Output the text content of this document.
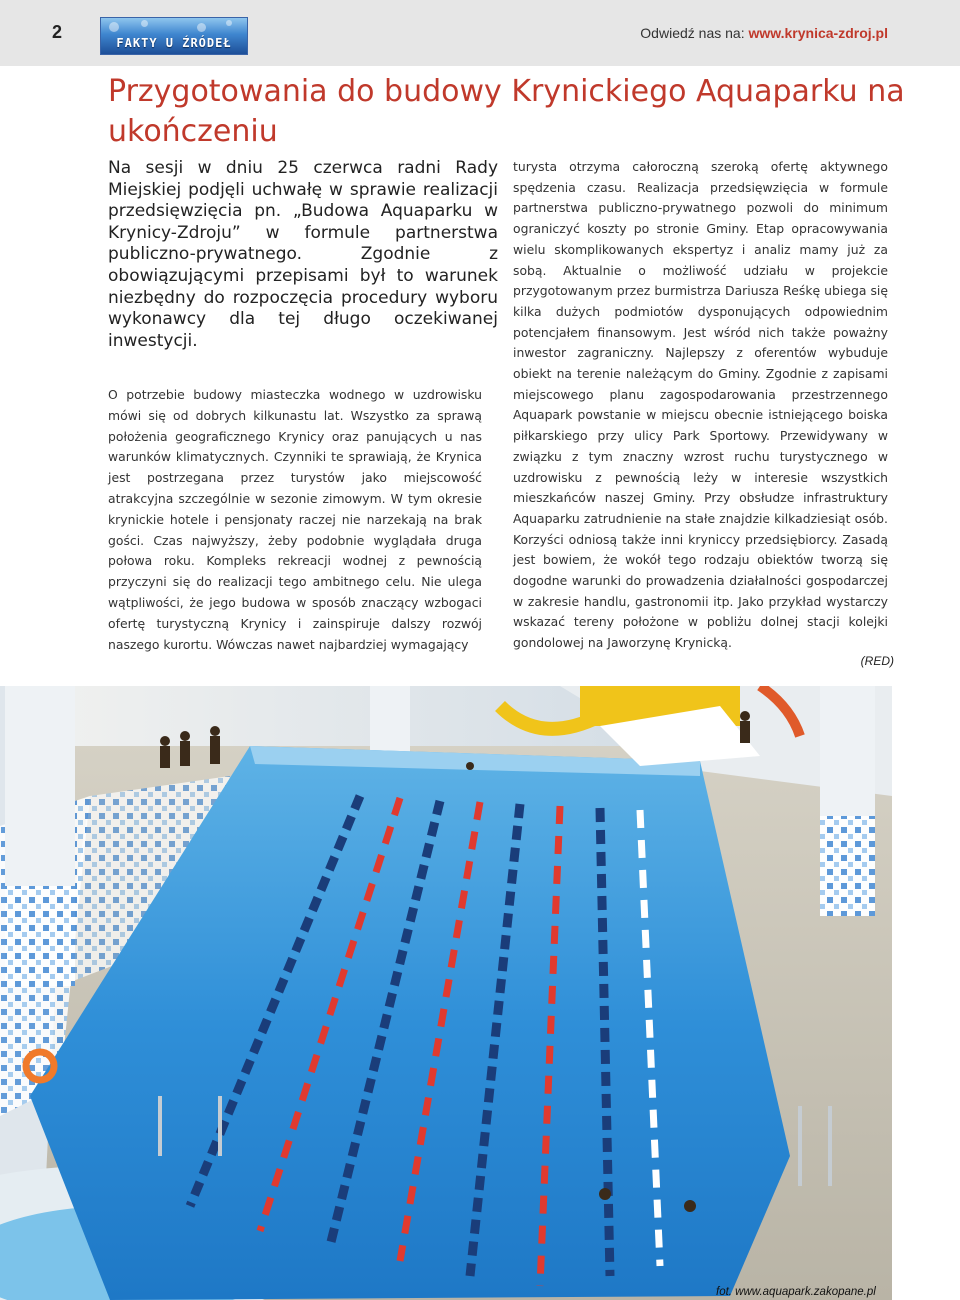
2
FAKTY U ŹRÓDEŁ
Odwiedź nas na: www.krynica-zdroj.pl
Przygotowania do budowy Krynickiego Aquaparku na ukończeniu

Na sesji w dniu 25 czerwca radni Rady Miejskiej podjęli uchwałę w sprawie realizacji przedsięwzięcia pn. „Budowa Aquaparku w Krynicy-Zdroju” w formule partnerstwa publiczno-prywatnego. Zgodnie z obowiązującymi przepisami był to warunek niezbędny do rozpoczęcia procedury wyboru wykonawcy dla tej długo oczekiwanej inwestycji.

O potrzebie budowy miasteczka wodnego w uzdrowisku mówi się od dobrych kilkunastu lat. Wszystko za sprawą położenia geograficznego Krynicy oraz panujących u nas warunków klimatycznych. Czynniki te sprawiają, że Krynica jest postrzegana przez turystów jako miejscowość atrakcyjna szczególnie w sezonie zimowym. W tym okresie krynickie hotele i pensjonaty raczej nie narzekają na brak gości. Czas najwyższy, żeby podobnie wyglądała druga połowa roku. Kompleks rekreacji wodnej z pewnością przyczyni się do realizacji tego ambitnego celu. Nie ulega wątpliwości, że jego budowa w sposób znaczący wzbogaci ofertę turystyczną Krynicy i zainspiruje dalszy rozwój naszego kurortu. Wówczas nawet najbardziej wymagający

turysta otrzyma całoroczną szeroką ofertę aktywnego spędzenia czasu. Realizacja przedsięwzięcia w formule partnerstwa publiczno-prywatnego pozwoli do minimum ograniczyć koszty po stronie Gminy. Etap opracowywania wielu skomplikowanych ekspertyz i analiz mamy już za sobą. Aktualnie o możliwość udziału w projekcie przygotowanym przez burmistrza Dariusza Reśkę ubiega się kilka dużych podmiotów dysponujących odpowiednim potencjałem finansowym. Jest wśród nich także poważny inwestor zagraniczny. Najlepszy z oferentów wybuduje obiekt na terenie należącym do Gminy. Zgodnie z zapisami miejscowego planu zagospodarowania przestrzennego Aquapark powstanie w miejscu obecnie istniejącego boiska piłkarskiego przy ulicy Park Sportowy. Przewidywany w związku z tym znaczny wzrost ruchu turystycznego w uzdrowisku z pewnością leży w interesie wszystkich mieszkańców naszej Gminy. Przy obsłudze infrastruktury Aquaparku zatrudnienie na stałe znajdzie kilkadziesiąt osób. Korzyści odniosą także inni kryniccy przedsiębiorcy. Zasadą jest bowiem, że wokół tego rodzaju obiektów tworzą się dogodne warunki do prowadzenia działalności gospodarczej w zakresie handlu, gastronomii itp. Jako przykład wystarczy wskazać tereny położone w pobliżu dolnej stacji kolejki gondolowej na Jaworzynę Krynicką.

(RED)
fot. www.aquapark.zakopane.pl
